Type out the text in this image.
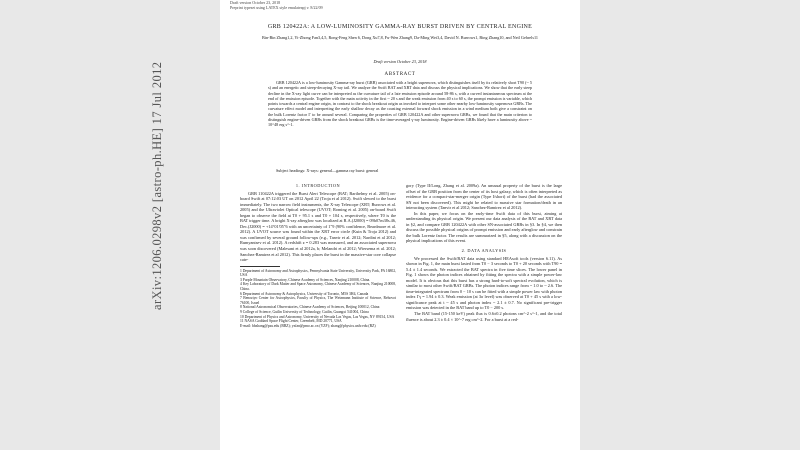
Draft version October 23, 2018
Preprint typeset using LATEX style emulateapj v. 8/22/09
GRB 120422A: A LOW-LUMINOSITY GAMMA-RAY BURST DRIVEN BY CENTRAL ENGINE
Bin-Bin Zhang1,2, Yi-Zhong Fan3,4,5, Rong-Feng Shen 6, Dong Xu7,8, Fu-Wen Zhang9, Da-Ming Wei3,4, David N. Burrows1, Bing Zhang10, and Neil Gehrels11
Draft version October 23, 2018
ABSTRACT
GRB 120422A is a low-luminosity Gamma-ray burst (GRB) associated with a bright supernova, which distinguishes itself by its relatively short T90 (~ 5 s) and an energetic and steep-decaying X-ray tail. We analyze the Swift BAT and XRT data and discuss the physical implications. We show that the early steep decline in the X-ray light curve can be interpreted as the curvature tail of a late emission episode around 58-86 s, with a curved instantaneous spectrum at the end of the emission episode. Together with the main activity in the first ~ 20 s and the weak emission from 40 s to 60 s, the prompt emission is variable, which points towards a central engine origin, in contrast to the shock breakout origin as invoked to interpret some other nearby low-luminosity supernova GRBs. The curvature effect model and interpreting the early shallow decay as the coasting external forward shock emission in a wind medium both give a constraint on the bulk Lorentz factor Γ to be around several. Comparing the properties of GRB 120422A and other supernova GRBs, we found that the main criterion to distinguish engine-driven GRBs from the shock breakout GRBs is the time-averaged γ-ray luminosity. Engine-driven GRBs likely have a luminosity above ~ 10^48 erg s^-1.
Subject headings: X-rays: general—gamma ray burst: general
1. INTRODUCTION

GRB 110422A triggered the Burst Alert Telescope (BAT; Barthelmy et al. 2005) on-board Swift at 07:12:03 UT on 2012 April 22 (Troja et al 2012). Swift slewed to the burst immediately. The two narrow field instruments, the X-ray Telescope (XRT; Burrows et al. 2005) and the Ultraviolet Optical telescope (UVOT; Roming et al. 2005) on-board Swift began to observe the field at T0 + 95.1 s and T0 + 104 s, respectively, where T0 is the BAT trigger time. A bright X-ray afterglow was localized at R.A.(J2000) = 09h07m38s.46, Dec.(J2000) = +14°01'05"6 with an uncertainty of 1"9 (90% confidence, Beardmore et al. 2012). A UVOT source was found within the XRT error circle (Kuin & Troja 2012) and was confirmed by several ground follow-ups (e.g., Tanvir et al. 2012; Nardini et al 2012; Rumyantsev et al. 2012). A redshift z = 0.283 was measured, and an associated supernova was soon discovered (Malesani et al 2012a, b; Melandri et al 2012; Wiersema et al. 2012; Sanchez-Ramirez et al 2012). This firmly places the burst in the massive-star core collapse cate-

1 Department of Astronomy and Astrophysics, Pennsylvania State University, University Park, PA 16802, USA
3 Purple Mountain Observatory, Chinese Academy of Sciences, Nanjing 210008, China.
4 Key Laboratory of Dark Matter and Space Astronomy, Chinese Academy of Sciences, Nanjing 210008, China.
6 Department of Astronomy & Astrophysics, University of Toronto, M5S 3H4, Canada
7 Benoziyo Center for Astrophysics, Faculty of Physics, The Weizmann Institute of Science, Rehovot 76100, Israel
8 National Astronomical Observatories, Chinese Academy of Sciences, Beijing 100012, China
9 College of Science, Guilin University of Technology, Guilin, Guangxi 541004, China
10 Department of Physics and Astronomy, University of Nevada Las Vegas, Las Vegas, NV 89154, USA
11 NASA Goddard Space Flight Center, Greenbelt, MD 20771, USA
E-mail: bbzhang@psu.edu (BBZ); yzfan@pmo.ac.cn (YZF); zhang@physics.unlv.edu (BZ)

gory (Type II/Long, Zhang et al. 2009a). An unusual property of the burst is the large offset of the GRB position from the center of its host galaxy, which is often interpreted as evidence for a compact-star-merger origin (Type I/short) of the burst (had the associated SN not been discovered). This might be related to massive star formation/death in an interacting system (Tanvir et al 2012; Sanchez-Ramirez et al 2012).

In this paper, we focus on the early-time Swift data of this burst, aiming at understanding its physical origin. We present our data analysis of the BAT and XRT data in §2, and compare GRB 120422A with other SN-associated GRBs in §3. In §4, we then discuss the possible physical origins of prompt emission and early afterglow and constrain the bulk Lorentz factor. The results are summarized in §5, along with a discussion on the physical implications of this event.

2. DATA ANALYSIS

We processed the Swift/BAT data using standard HEAsoft tools (version 6.11). As shown in Fig. 1, the main burst lasted from T0 − 3 seconds to T0 + 20 seconds with T90 = 5.4 ± 1.4 seconds. We extracted the BAT spectra in five time slices. The lower panel in Fig. 1 shows the photon indices obtained by fitting the spectra with a simple power-law model. It is obvious that this burst has a strong hard-to-soft spectral evolution, which is similar to most other Swift/BAT GRBs. The photon indices range from ~ 1.0 to ~ 2.6. The time-integrated spectrum from 0 − 10 s can be fitted with a simple power law with photon index Γγ = 1.94 ± 0.3. Weak emission (at 3σ level) was observed at T0 + 45 s with a low-significance peak at t ~ 45 s and photon index ~ 2.1 ± 0.7. No significant pre-trigger emission was detected in the BAT band up to T0 − 200 s.

The BAT band (15-150 keV) peak flux is 0.6±0.2 photons cm^-2 s^-1, and the total fluence is about 2.3 ± 0.4 × 10^-7 erg cm^-2. For a burst at a red-

arXiv:1206.0298v2 [astro-ph.HE] 17 Jul 2012
